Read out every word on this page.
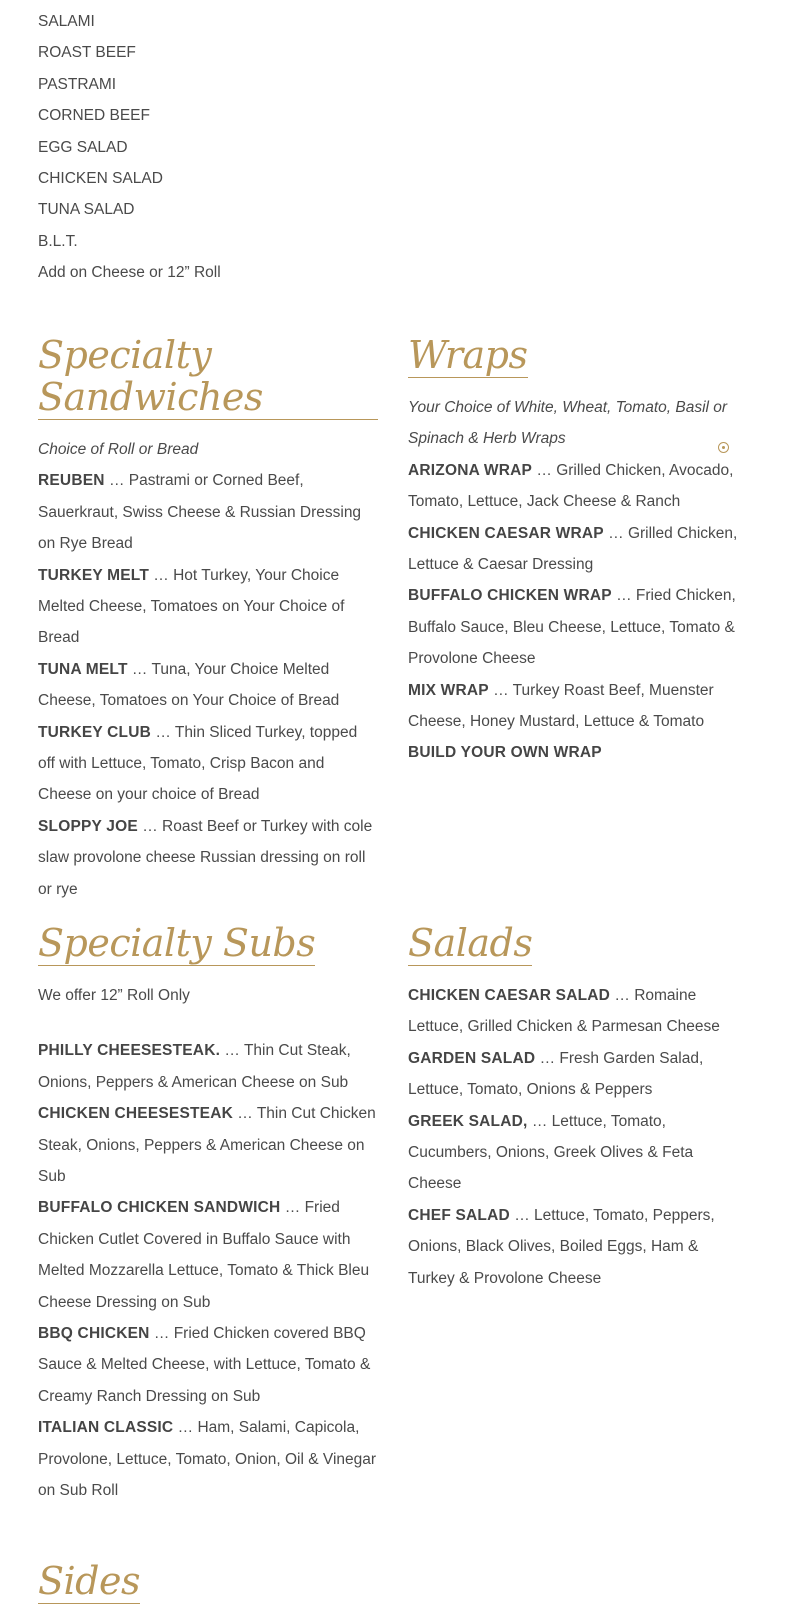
SALAMI
ROAST BEEF
PASTRAMI
CORNED BEEF
EGG SALAD
CHICKEN SALAD
TUNA SALAD
B.L.T.
Add on Cheese or 12” Roll
Specialty Sandwiches
Choice of Roll or Bread
REUBEN … Pastrami or Corned Beef, Sauerkraut, Swiss Cheese & Russian Dressing on Rye Bread
TURKEY MELT … Hot Turkey, Your Choice Melted Cheese, Tomatoes on Your Choice of Bread
TUNA MELT … Tuna, Your Choice Melted Cheese, Tomatoes on Your Choice of Bread
TURKEY CLUB … Thin Sliced Turkey, topped off with Lettuce, Tomato, Crisp Bacon and Cheese on your choice of Bread
SLOPPY JOE … Roast Beef or Turkey with cole slaw provolone cheese Russian dressing on roll or rye
Wraps
Your Choice of White, Wheat, Tomato, Basil or Spinach & Herb Wraps
ARIZONA WRAP … Grilled Chicken, Avocado, Tomato, Lettuce, Jack Cheese & Ranch
CHICKEN CAESAR WRAP … Grilled Chicken, Lettuce & Caesar Dressing
BUFFALO CHICKEN WRAP … Fried Chicken, Buffalo Sauce, Bleu Cheese, Lettuce, Tomato & Provolone Cheese
MIX WRAP … Turkey Roast Beef, Muenster Cheese, Honey Mustard, Lettuce & Tomato
BUILD YOUR OWN WRAP
Specialty Subs
We offer 12” Roll Only
PHILLY CHEESESTEAK. … Thin Cut Steak, Onions, Peppers & American Cheese on Sub
CHICKEN CHEESESTEAK … Thin Cut Chicken Steak, Onions, Peppers & American Cheese on Sub
BUFFALO CHICKEN SANDWICH … Fried Chicken Cutlet Covered in Buffalo Sauce with Melted Mozzarella Lettuce, Tomato & Thick Bleu Cheese Dressing on Sub
BBQ CHICKEN … Fried Chicken covered BBQ Sauce & Melted Cheese, with Lettuce, Tomato & Creamy Ranch Dressing on Sub
ITALIAN CLASSIC … Ham, Salami, Capicola, Provolone, Lettuce, Tomato, Onion, Oil & Vinegar on Sub Roll
Salads
CHICKEN CAESAR SALAD … Romaine Lettuce, Grilled Chicken & Parmesan Cheese
GARDEN SALAD … Fresh Garden Salad, Lettuce, Tomato, Onions & Peppers
GREEK SALAD, … Lettuce, Tomato, Cucumbers, Onions, Greek Olives & Feta Cheese
CHEF SALAD … Lettuce, Tomato, Peppers, Onions, Black Olives, Boiled Eggs, Ham & Turkey & Provolone Cheese
Sides
